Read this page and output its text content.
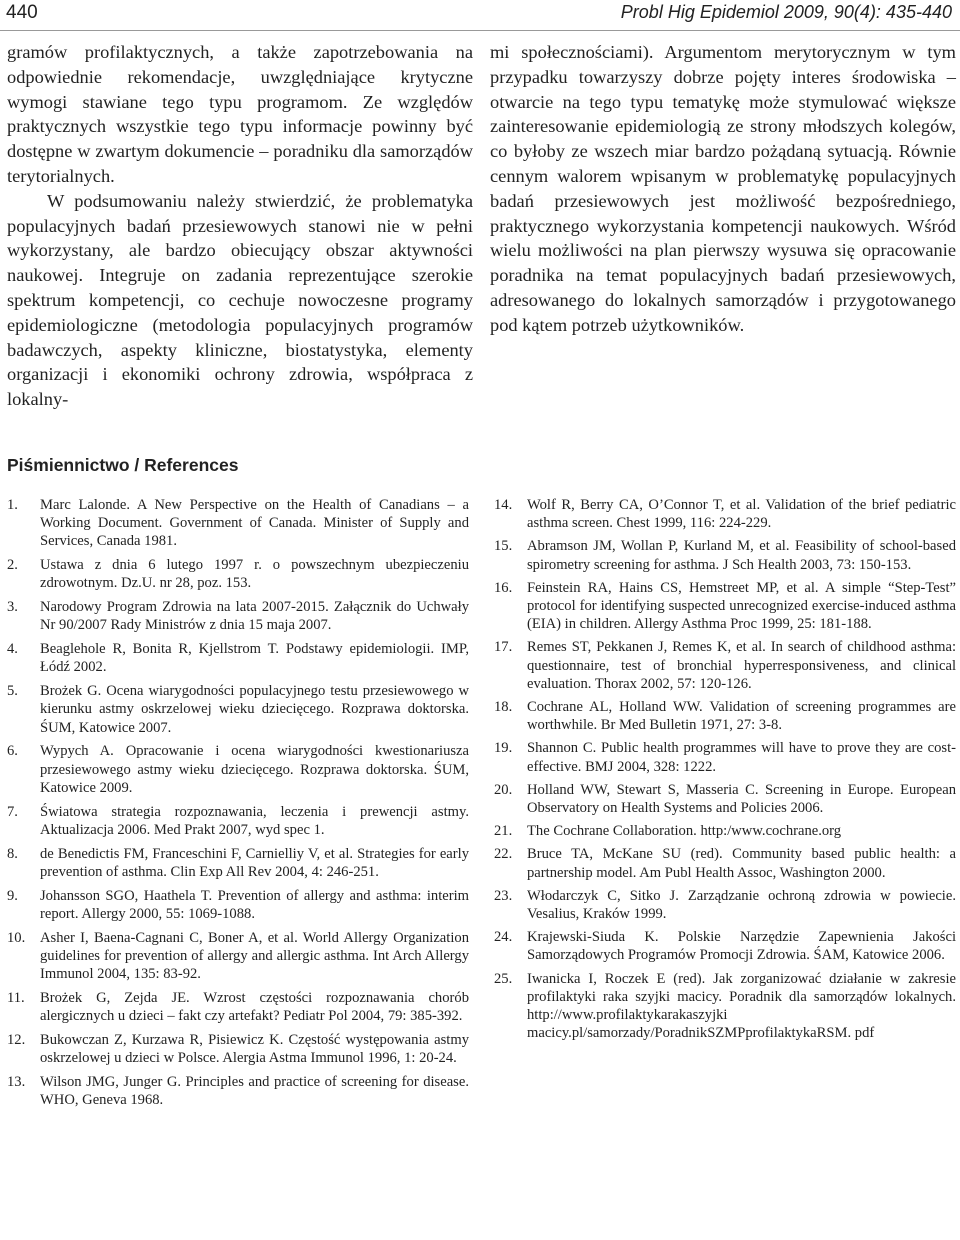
440	Probl Hig Epidemiol 2009, 90(4): 435-440

gramów profilaktycznych, a także zapotrzebowania na odpowiednie rekomendacje, uwzględniające krytyczne wymogi stawiane tego typu programom. Ze względów praktycznych wszystkie tego typu informacje powinny być dostępne w zwartym dokumencie – poradniku dla samorządów terytorialnych.

W podsumowaniu należy stwierdzić, że problematyka populacyjnych badań przesiewowych stanowi nie w pełni wykorzystany, ale bardzo obiecujący obszar aktywności naukowej. Integruje on zadania reprezentujące szerokie spektrum kompetencji, co cechuje nowoczesne programy epidemiologiczne (metodologia populacyjnych programów badawczych, aspekty kliniczne, biostatystyka, elementy organizacji i ekonomiki ochrony zdrowia, współpraca z lokalny-

mi społecznościami). Argumentom merytorycznym w tym przypadku towarzyszy dobrze pojęty interes środowiska – otwarcie na tego typu tematykę może stymulować większe zainteresowanie epidemiologią ze strony młodszych kolegów, co byłoby ze wszech miar bardzo pożądaną sytuacją. Równie cennym walorem wpisanym w problematykę populacyjnych badań przesiewowych jest możliwość bezpośredniego, praktycznego wykorzystania kompetencji naukowych. Wśród wielu możliwości na plan pierwszy wysuwa się opracowanie poradnika na temat populacyjnych badań przesiewowych, adresowanego do lokalnych samorządów i przygotowanego pod kątem potrzeb użytkowników.

Piśmiennictwo / References
1. Marc Lalonde. A New Perspective on the Health of Canadians – a Working Document. Government of Canada. Minister of Supply and Services, Canada 1981.
2. Ustawa z dnia 6 lutego 1997 r. o powszechnym ubezpieczeniu zdrowotnym. Dz.U. nr 28, poz. 153.
3. Narodowy Program Zdrowia na lata 2007-2015. Załącznik do Uchwały Nr 90/2007 Rady Ministrów z dnia 15 maja 2007.
4. Beaglehole R, Bonita R, Kjellstrom T. Podstawy epidemiologii. IMP, Łódź 2002.
5. Brożek G. Ocena wiarygodności populacyjnego testu przesiewowego w kierunku astmy oskrzelowej wieku dziecięcego. Rozprawa doktorska. ŚUM, Katowice 2007.
6. Wypych A. Opracowanie i ocena wiarygodności kwestionariusza przesiewowego astmy wieku dziecięcego. Rozprawa doktorska. ŚUM, Katowice 2009.
7. Światowa strategia rozpoznawania, leczenia i prewencji astmy. Aktualizacja 2006. Med Prakt 2007, wyd spec 1.
8. de Benedictis FM, Franceschini F, Carnielliy V, et al. Strategies for early prevention of asthma. Clin Exp All Rev 2004, 4: 246-251.
9. Johansson SGO, Haathela T. Prevention of allergy and asthma: interim report. Allergy 2000, 55: 1069-1088.
10. Asher I, Baena-Cagnani C, Boner A, et al. World Allergy Organization guidelines for prevention of allergy and allergic asthma. Int Arch Allergy Immunol 2004, 135: 83-92.
11. Brożek G, Zejda JE. Wzrost częstości rozpoznawania chorób alergicznych u dzieci – fakt czy artefakt? Pediatr Pol 2004, 79: 385-392.
12. Bukowczan Z, Kurzawa R, Pisiewicz K. Częstość występowania astmy oskrzelowej u dzieci w Polsce. Alergia Astma Immunol 1996, 1: 20-24.
13. Wilson JMG, Junger G. Principles and practice of screening for disease. WHO, Geneva 1968.
14. Wolf R, Berry CA, O’Connor T, et al. Validation of the brief pediatric asthma screen. Chest 1999, 116: 224-229.
15. Abramson JM, Wollan P, Kurland M, et al. Feasibility of school-based spirometry screening for asthma. J Sch Health 2003, 73: 150-153.
16. Feinstein RA, Hains CS, Hemstreet MP, et al. A simple “Step-Test” protocol for identifying suspected unrecognized exercise-induced asthma (EIA) in children. Allergy Asthma Proc 1999, 25: 181-188.
17. Remes ST, Pekkanen J, Remes K, et al. In search of childhood asthma: questionnaire, test of bronchial hyperresponsiveness, and clinical evaluation. Thorax 2002, 57: 120-126.
18. Cochrane AL, Holland WW. Validation of screening programmes are worthwhile. Br Med Bulletin 1971, 27: 3-8.
19. Shannon C. Public health programmes will have to prove they are cost-effective. BMJ 2004, 328: 1222.
20. Holland WW, Stewart S, Masseria C. Screening in Europe. European Observatory on Health Systems and Policies 2006.
21. The Cochrane Collaboration. http:/www.cochrane.org
22. Bruce TA, McKane SU (red). Community based public health: a partnership model. Am Publ Health Assoc, Washington 2000.
23. Włodarczyk C, Sitko J. Zarządzanie ochroną zdrowia w powiecie. Vesalius, Kraków 1999.
24. Krajewski-Siuda K. Polskie Narzędzie Zapewnienia Jakości Samorządowych Programów Promocji Zdrowia. ŚAM, Katowice 2006.
25. Iwanicka I, Roczek E (red). Jak zorganizować działanie w zakresie profilaktyki raka szyjki macicy. Poradnik dla samorządów lokalnych. http://www.profilaktykarakaszyjki macicy.pl/samorzady/PoradnikSZMPprofilaktykaRSM. pdf
